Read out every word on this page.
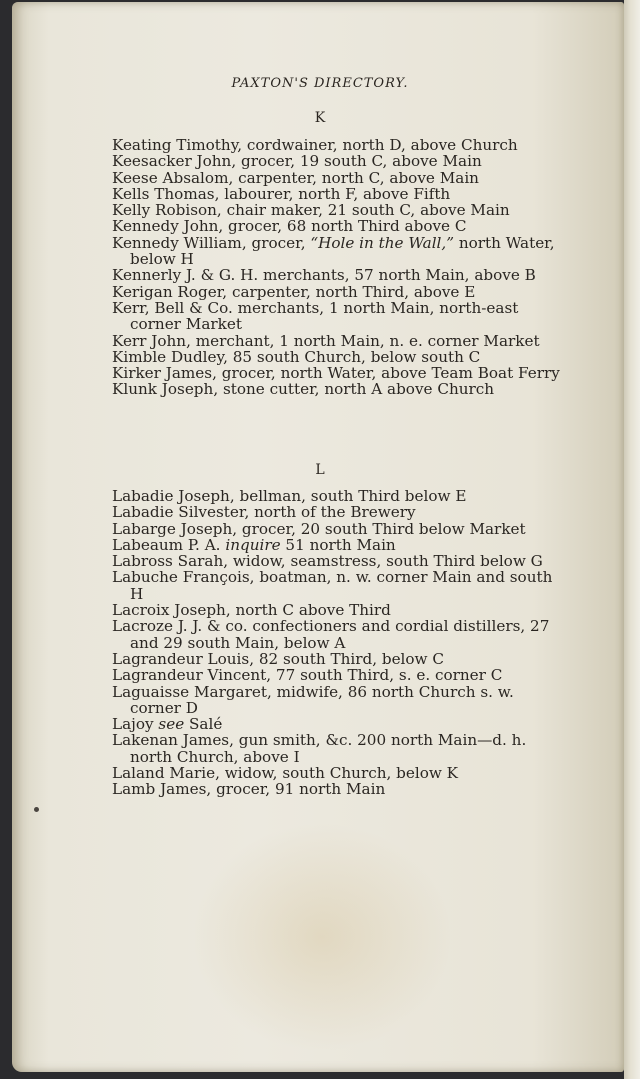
PAXTON'S DIRECTORY.
K
Keating Timothy, cordwainer, north D, above Church
Keesacker John, grocer, 19 south C, above Main
Keese Absalom, carpenter, north C, above Main
Kells Thomas, labourer, north F, above Fifth
Kelly Robison, chair maker, 21 south C, above Main
Kennedy John, grocer, 68 north Third above C
Kennedy William, grocer, “Hole in the Wall,” north Water, below H
Kennerly J. & G. H. merchants, 57 north Main, above B
Kerigan Roger, carpenter, north Third, above E
Kerr, Bell & Co. merchants, 1 north Main, north-east corner Market
Kerr John, merchant, 1 north Main, n. e. corner Market
Kimble Dudley, 85 south Church, below south C
Kirker James, grocer, north Water, above Team Boat Ferry
Klunk Joseph, stone cutter, north A above Church
L
Labadie Joseph, bellman, south Third below E
Labadie Silvester, north of the Brewery
Labarge Joseph, grocer, 20 south Third below Market
Labeaum P. A. inquire 51 north Main
Labross Sarah, widow, seamstress, south Third below G
Labuche François, boatman, n. w. corner Main and south H
Lacroix Joseph, north C above Third
Lacroze J. J. & co. confectioners and cordial distillers, 27 and 29 south Main, below A
Lagrandeur Louis, 82 south Third, below C
Lagrandeur Vincent, 77 south Third, s. e. corner C
Laguaisse Margaret, midwife, 86 north Church s. w. corner D
Lajoy see Salé
Lakenan James, gun smith, &c. 200 north Main—d. h. north Church, above I
Laland Marie, widow, south Church, below K
Lamb James, grocer, 91 north Main
